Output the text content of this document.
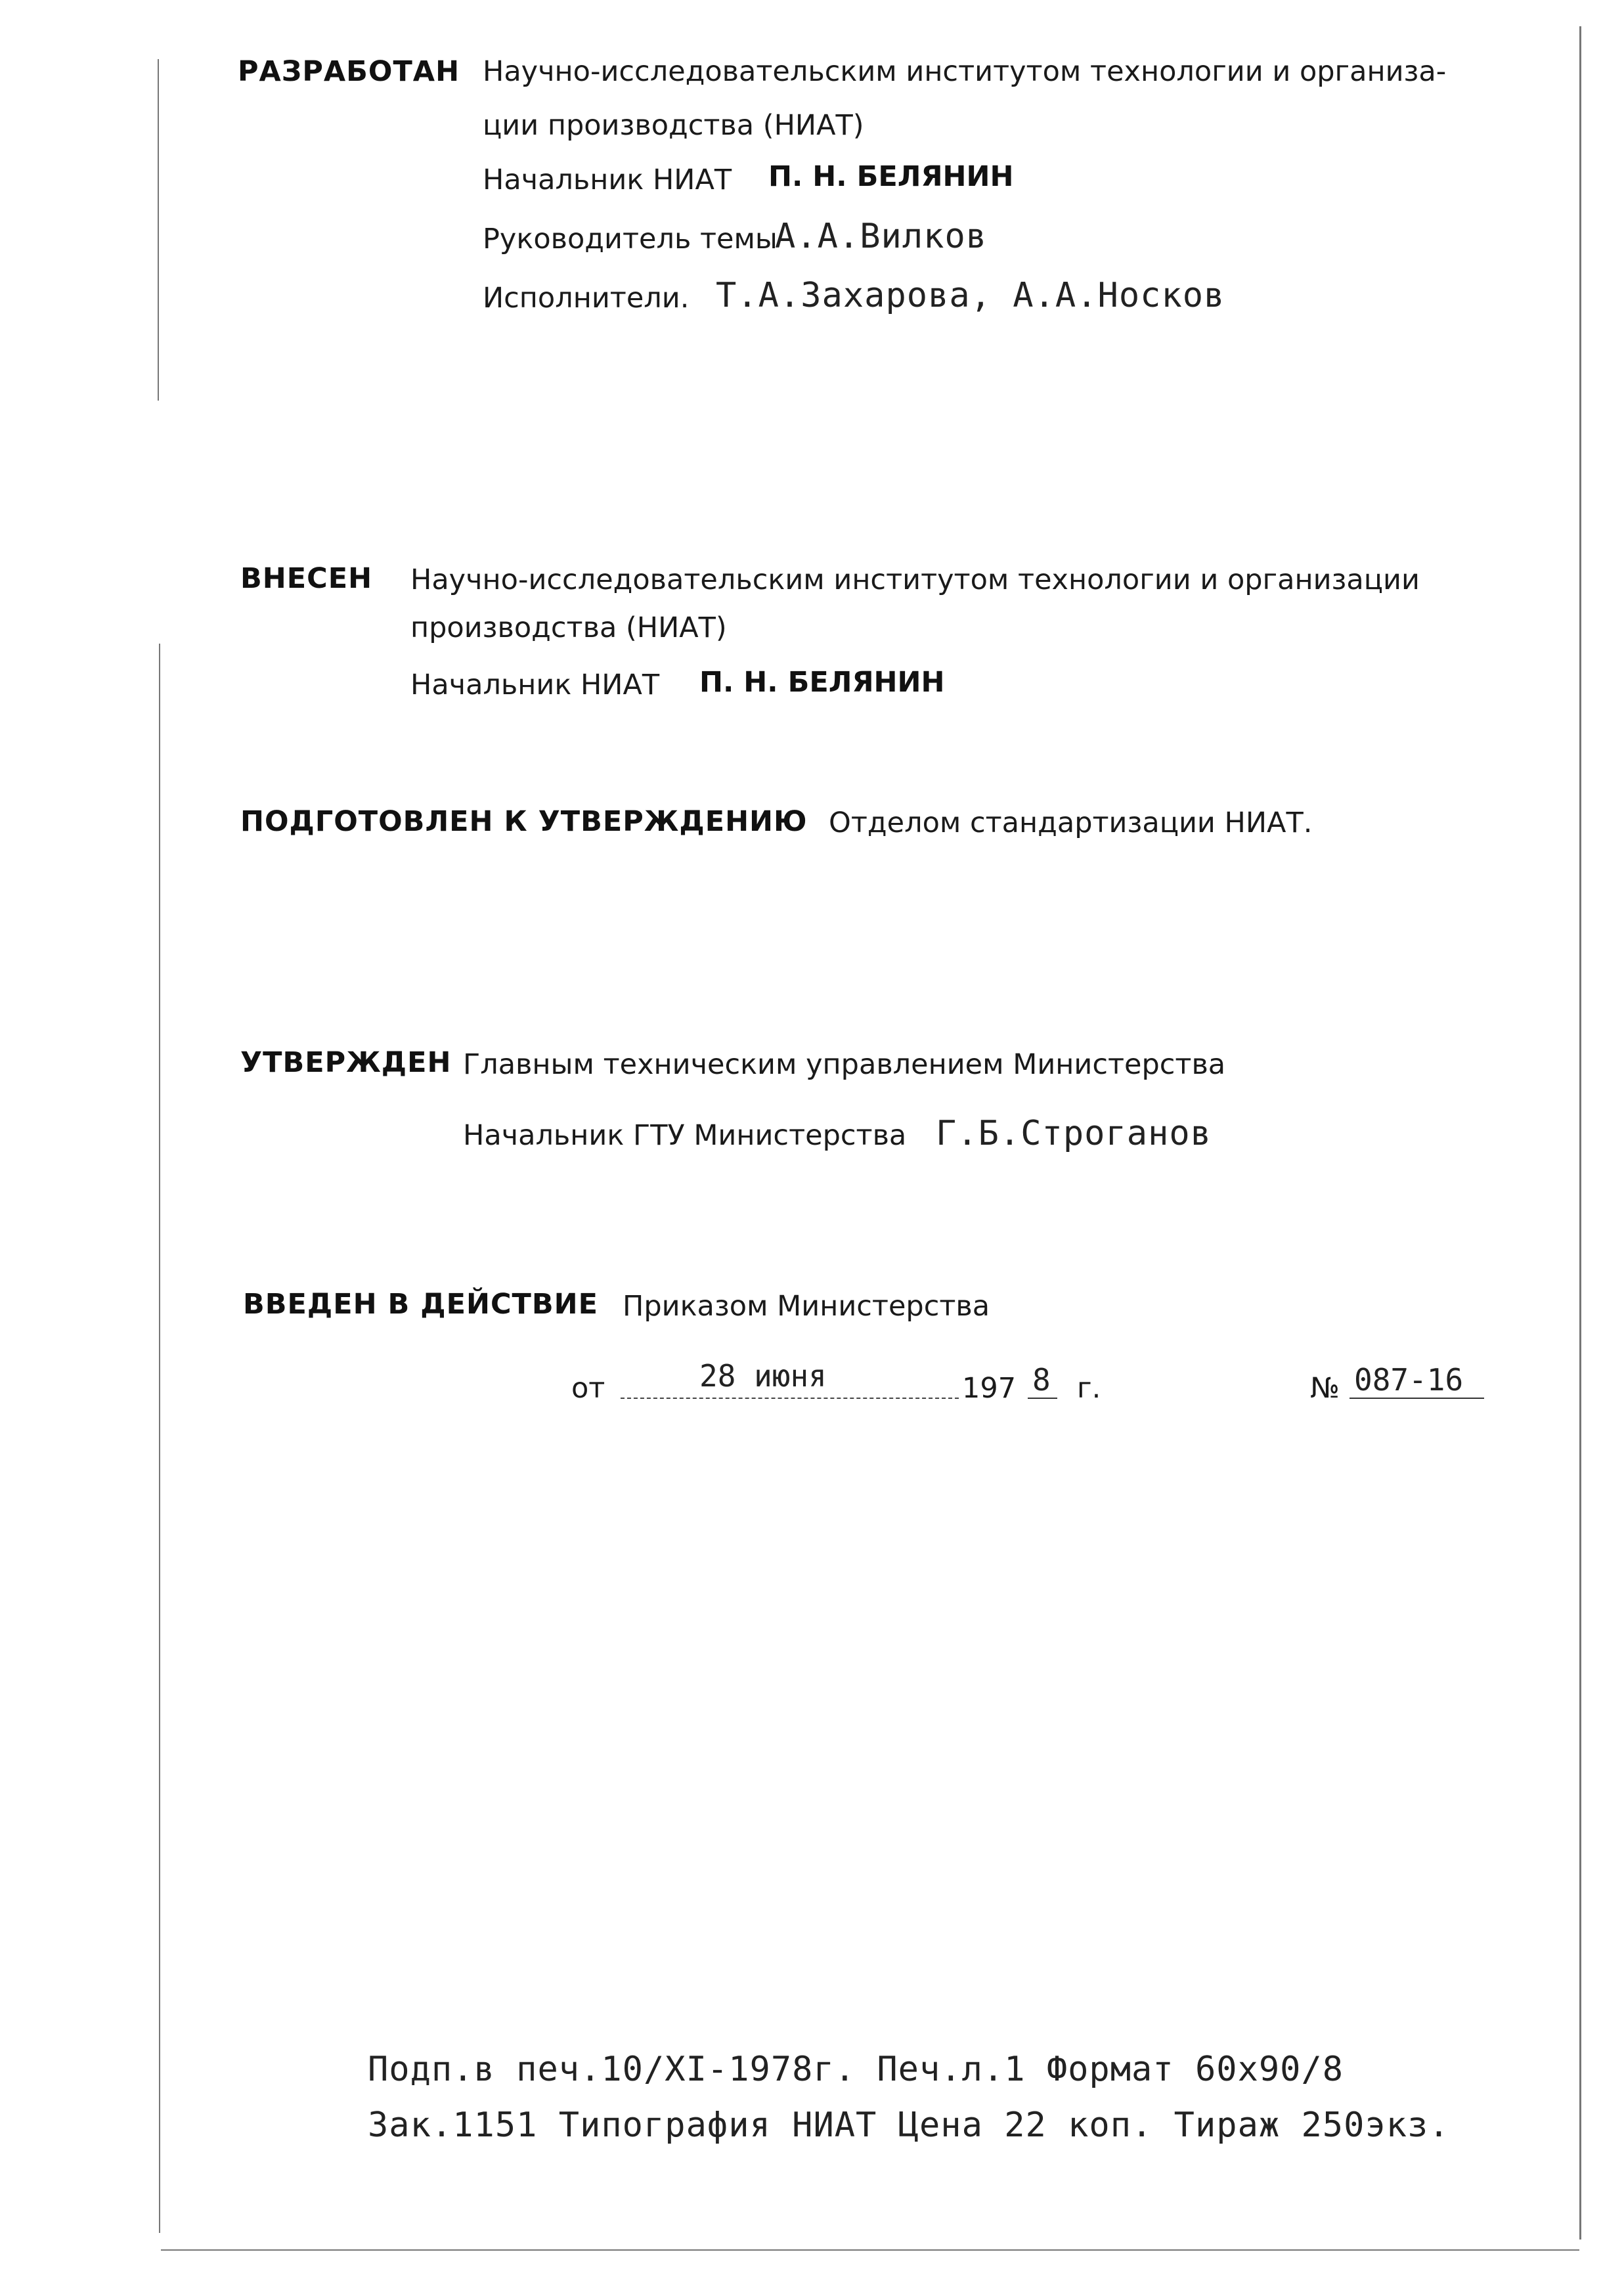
РАЗРАБОТАН Научно-исследовательским институтом технологии и организа-
ции производства (НИАТ)
Начальник НИАТ П. Н. БЕЛЯНИН
Руководитель темы
А.А.Вилков
Исполнители. Т.А.Захарова, А.А.Носков
ВНЕСЕН Научно-исследовательским институтом технологии и организации
производства (НИАТ)
Начальник НИАТ П. Н. БЕЛЯНИН
ПОДГОТОВЛЕН К УТВЕРЖДЕНИЮ Отделом стандартизации НИАТ.
УТВЕРЖДЕН Главным техническим управлением Министерства
Начальник ГТУ Министерства Г.Б.Строганов
ВВЕДЕН В ДЕЙСТВИЕ Приказом Министерства
от	28 июня	197 8 г.	№ 087-16
Подп.в печ.10/XI-1978г. Печ.л.1 Формат 60х90/8
Зак.1151 Типография НИАТ Цена 22 коп. Тираж 250экз.
